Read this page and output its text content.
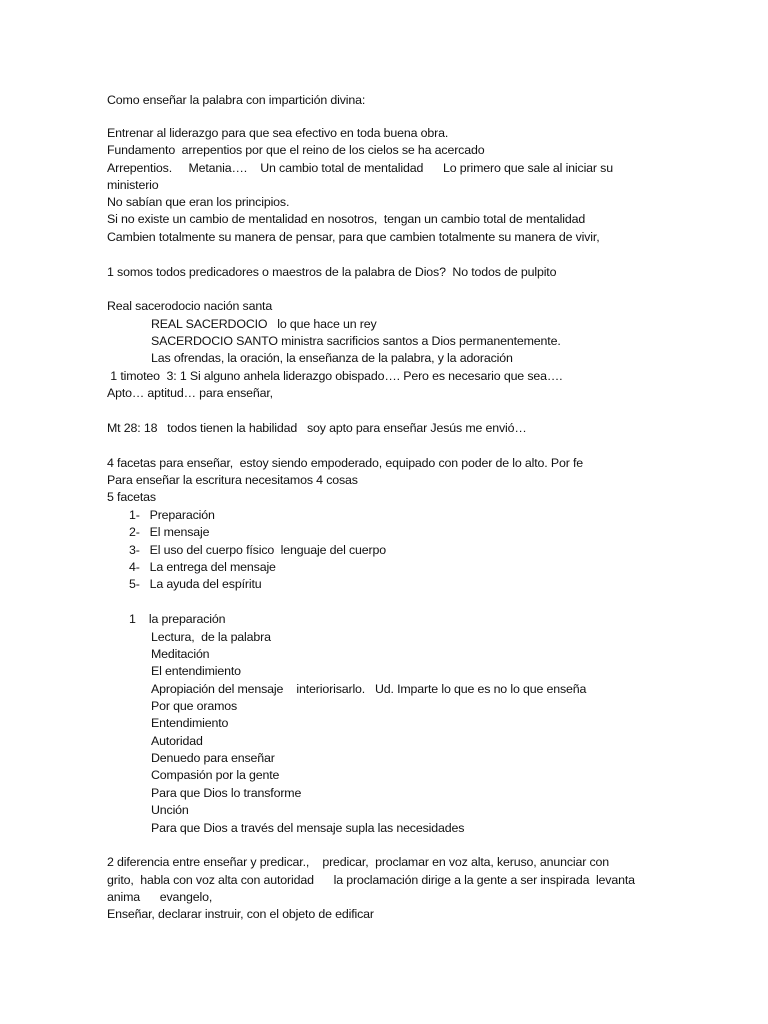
Como enseñar la palabra con impartición divina:
Entrenar al liderazgo para que sea efectivo en toda buena obra.
Fundamento  arrepentios por que el reino de los cielos se ha acercado
Arrepentios.     Metania….    Un cambio total de mentalidad      Lo primero que sale al iniciar su
ministerio
No sabían que eran los principios.
Si no existe un cambio de mentalidad en nosotros,  tengan un cambio total de mentalidad
Cambien totalmente su manera de pensar, para que cambien totalmente su manera de vivir,
1 somos todos predicadores o maestros de la palabra de Dios?  No todos de pulpito
Real sacerodocio nación santa
REAL SACERDOCIO   lo que hace un rey
SACERDOCIO SANTO ministra sacrificios santos a Dios permanentemente.
Las ofrendas, la oración, la enseñanza de la palabra, y la adoración
1 timoteo  3: 1 Si alguno anhela liderazgo obispado…. Pero es necesario que sea….
Apto… aptitud… para enseñar,
Mt 28: 18   todos tienen la habilidad   soy apto para enseñar Jesús me envió…
4 facetas para enseñar,  estoy siendo empoderado, equipado con poder de lo alto. Por fe
Para enseñar la escritura necesitamos 4 cosas
5 facetas
1-   Preparación
2-   El mensaje
3-   El uso del cuerpo físico  lenguaje del cuerpo
4-   La entrega del mensaje
5-   La ayuda del espíritu
1    la preparación
Lectura,  de la palabra
Meditación
El entendimiento
Apropiación del mensaje    interiorisarlo.   Ud. Imparte lo que es no lo que enseña
Por que oramos
Entendimiento
Autoridad
Denuedo para enseñar
Compasión por la gente
Para que Dios lo transforme
Unción
Para que Dios a través del mensaje supla las necesidades
2 diferencia entre enseñar y predicar.,    predicar,  proclamar en voz alta, keruso, anunciar con
grito,  habla con voz alta con autoridad      la proclamación dirige a la gente a ser inspirada  levanta
anima      evangelo,
Enseñar, declarar instruir, con el objeto de edificar
